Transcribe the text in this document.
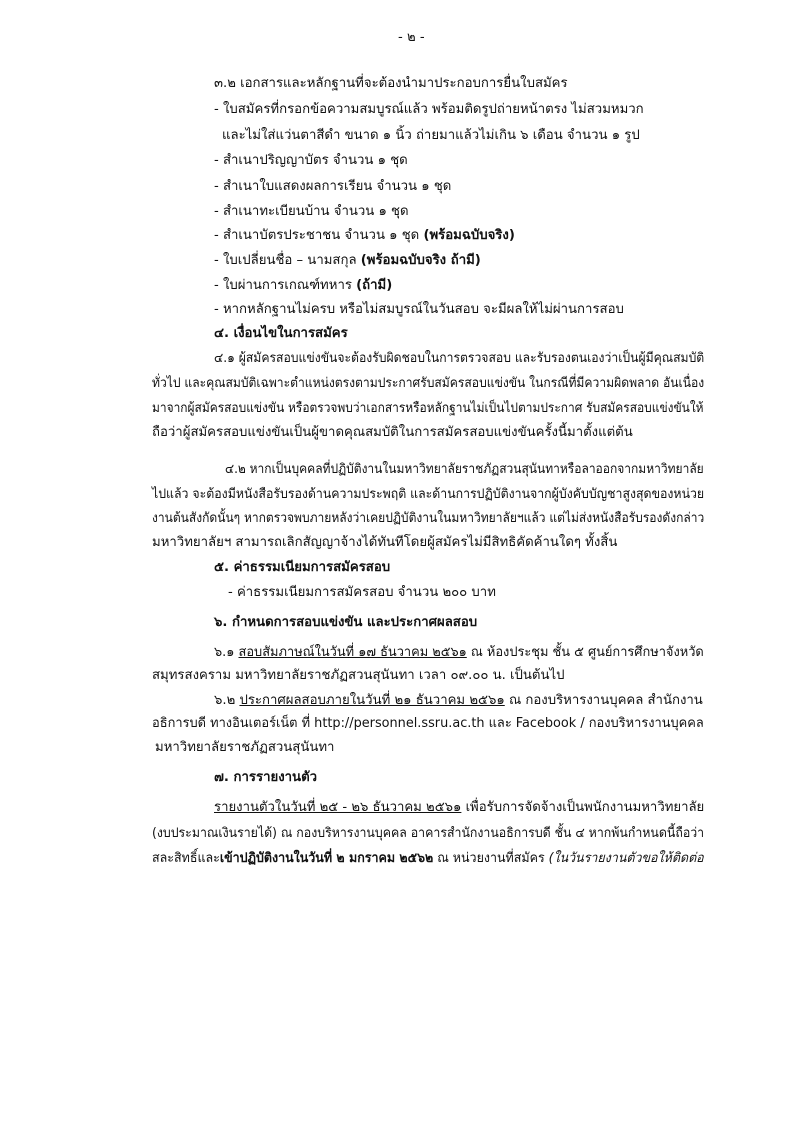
- ๒ -
๓.๒ เอกสารและหลักฐานที่จะต้องนำมาประกอบการยื่นใบสมัคร
- ใบสมัครที่กรอกข้อความสมบูรณ์แล้ว พร้อมติดรูปถ่ายหน้าตรง ไม่สวมหมวก
และไม่ใส่แว่นตาสีดำ ขนาด ๑ นิ้ว ถ่ายมาแล้วไม่เกิน ๖ เดือน จำนวน ๑ รูป
- สำเนาปริญญาบัตร จำนวน ๑ ชุด
- สำเนาใบแสดงผลการเรียน จำนวน ๑ ชุด
- สำเนาทะเบียนบ้าน จำนวน ๑ ชุด
- สำเนาบัตรประชาชน จำนวน ๑ ชุด (พร้อมฉบับจริง)
- ใบเปลี่ยนชื่อ – นามสกุล (พร้อมฉบับจริง ถ้ามี)
- ใบผ่านการเกณฑ์ทหาร (ถ้ามี)
- หากหลักฐานไม่ครบ หรือไม่สมบูรณ์ในวันสอบ จะมีผลให้ไม่ผ่านการสอบ
๔. เงื่อนไขในการสมัคร
๔.๑ ผู้สมัครสอบแข่งขันจะต้องรับผิดชอบในการตรวจสอบ และรับรองตนเองว่าเป็นผู้มีคุณสมบัติ
ทั่วไป และคุณสมบัติเฉพาะตำแหน่งตรงตามประกาศรับสมัครสอบแข่งขัน ในกรณีที่มีความผิดพลาด อันเนื่อง
มาจากผู้สมัครสอบแข่งขัน หรือตรวจพบว่าเอกสารหรือหลักฐานไม่เป็นไปตามประกาศ รับสมัครสอบแข่งขันให้
ถือว่าผู้สมัครสอบแข่งขันเป็นผู้ขาดคุณสมบัติในการสมัครสอบแข่งขันครั้งนี้มาตั้งแต่ต้น
๔.๒ หากเป็นบุคคลที่ปฏิบัติงานในมหาวิทยาลัยราชภัฏสวนสุนันทาหรือลาออกจากมหาวิทยาลัย
ไปแล้ว จะต้องมีหนังสือรับรองด้านความประพฤติ และด้านการปฏิบัติงานจากผู้บังคับบัญชาสูงสุดของหน่วย
งานต้นสังกัดนั้นๆ หากตรวจพบภายหลังว่าเคยปฏิบัติงานในมหาวิทยาลัยฯแล้ว แต่ไม่ส่งหนังสือรับรองดังกล่าว
มหาวิทยาลัยฯ สามารถเลิกสัญญาจ้างได้ทันทีโดยผู้สมัครไม่มีสิทธิคัดค้านใดๆ ทั้งสิ้น
๕. ค่าธรรมเนียมการสมัครสอบ
- ค่าธรรมเนียมการสมัครสอบ จำนวน ๒๐๐ บาท
๖. กำหนดการสอบแข่งขัน และประกาศผลสอบ
๖.๑ สอบสัมภาษณ์ในวันที่ ๑๗ ธันวาคม ๒๕๖๑ ณ ห้องประชุม ชั้น ๕ ศูนย์การศึกษาจังหวัด
สมุทรสงคราม มหาวิทยาลัยราชภัฏสวนสุนันทา เวลา ๐๙.๐๐ น. เป็นต้นไป
๖.๒ ประกาศผลสอบภายในวันที่ ๒๑ ธันวาคม ๒๕๖๑ ณ กองบริหารงานบุคคล สำนักงาน
อธิการบดี ทางอินเตอร์เน็ต ที่ http://personnel.ssru.ac.th และ Facebook / กองบริหารงานบุคคล
มหาวิทยาลัยราชภัฏสวนสุนันทา
๗. การรายงานตัว
รายงานตัวในวันที่ ๒๕ - ๒๖ ธันวาคม ๒๕๖๑ เพื่อรับการจัดจ้างเป็นพนักงานมหาวิทยาลัย
(งบประมาณเงินรายได้) ณ กองบริหารงานบุคคล อาคารสำนักงานอธิการบดี ชั้น ๔ หากพ้นกำหนดนี้ถือว่า
สละสิทธิ์และเข้าปฏิบัติงานในวันที่ ๒ มกราคม ๒๕๖๒ ณ หน่วยงานที่สมัคร (ในวันรายงานตัวขอให้ติดต่อ
